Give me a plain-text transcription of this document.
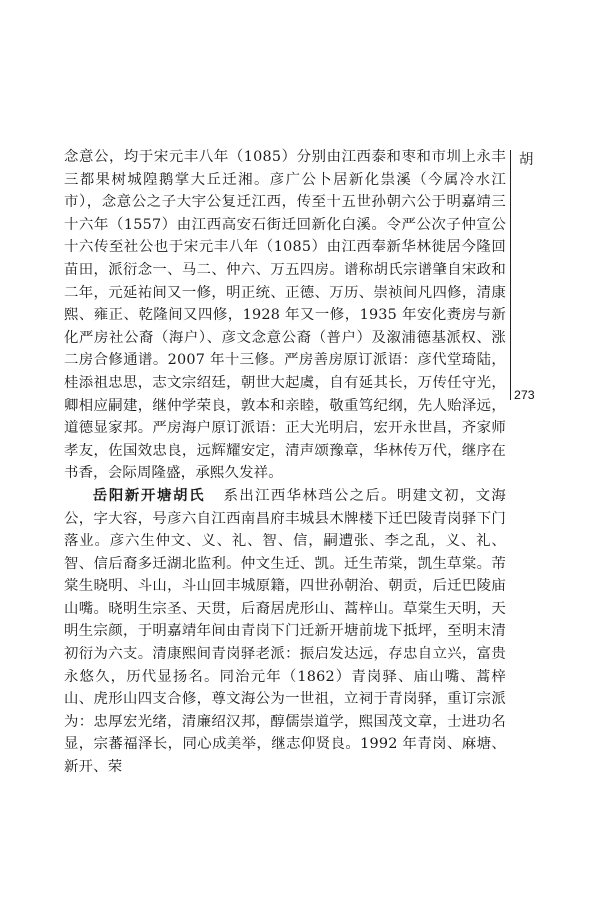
念意公，均于宋元丰八年（1085）分别由江西泰和枣和市圳上永丰三都果树城隍鹅掌大丘迁湘。彦广公卜居新化祟溪（今属冷水江市），念意公之子大宇公复迁江西，传至十五世孙朝六公于明嘉靖三十六年（1557）由江西高安石街迁回新化白溪。令严公次子仲宣公十六传至社公也于宋元丰八年（1085）由江西奉新华林徙居今隆回苗田，派衍念一、马二、仲六、万五四房。谱称胡氏宗谱肇自宋政和二年，元延祐间又一修，明正统、正德、万历、崇祯间凡四修，清康熙、雍正、乾隆间又四修，1928 年又一修，1935 年安化赉房与新化严房社公裔（海户）、彦文念意公裔（普户）及溆浦德基派权、涨二房合修通谱。2007 年十三修。严房善房原订派语：彦代堂琦陆，桂添祖忠思，志文宗绍廷，朝世大起虞，自有延其长，万传任守光，卿相应嗣建，继仲学荣良，敦本和亲睦，敬重笃纪纲，先人贻泽远，道德显家邦。严房海户原订派语：正大光明启，宏开永世昌，齐家师孝友，佐国效忠良，远辉耀安定，清声颂豫章，华林传万代，继序在书香，会际周隆盛，承熙久发祥。

岳阳新开塘胡氏 系出江西华林珰公之后。明建文初，文海公，字大容，号彦六自江西南昌府丰城县木牌楼下迁巴陵青岗驿下门落业。彦六生仲文、义、礼、智、信，嗣遭张、李之乱，义、礼、智、信后裔多迁湖北监利。仲文生迁、凯。迁生芾棠，凯生草棠。芾棠生晓明、斗山，斗山回丰城原籍，四世孙朝治、朝贡，后迁巴陵庙山嘴。晓明生宗圣、天贯，后裔居虎形山、蒿梓山。草棠生天明，天明生宗颜，于明嘉靖年间由青岗下门迁新开塘前垅下抵坪，至明末清初衍为六支。清康熙间青岗驿老派：振启发达远，存忠自立兴，富贵永悠久，历代显扬名。同治元年（1862）青岗驿、庙山嘴、蒿梓山、虎形山四支合修，尊文海公为一世祖，立祠于青岗驿，重订宗派为：忠厚宏光绪，清廉绍汉邦，醇儒崇道学，熙国茂文章，士进功名显，宗蕃福泽长，同心成美举，继志仰贤良。1992 年青岗、麻塘、新开、荣

胡
273
